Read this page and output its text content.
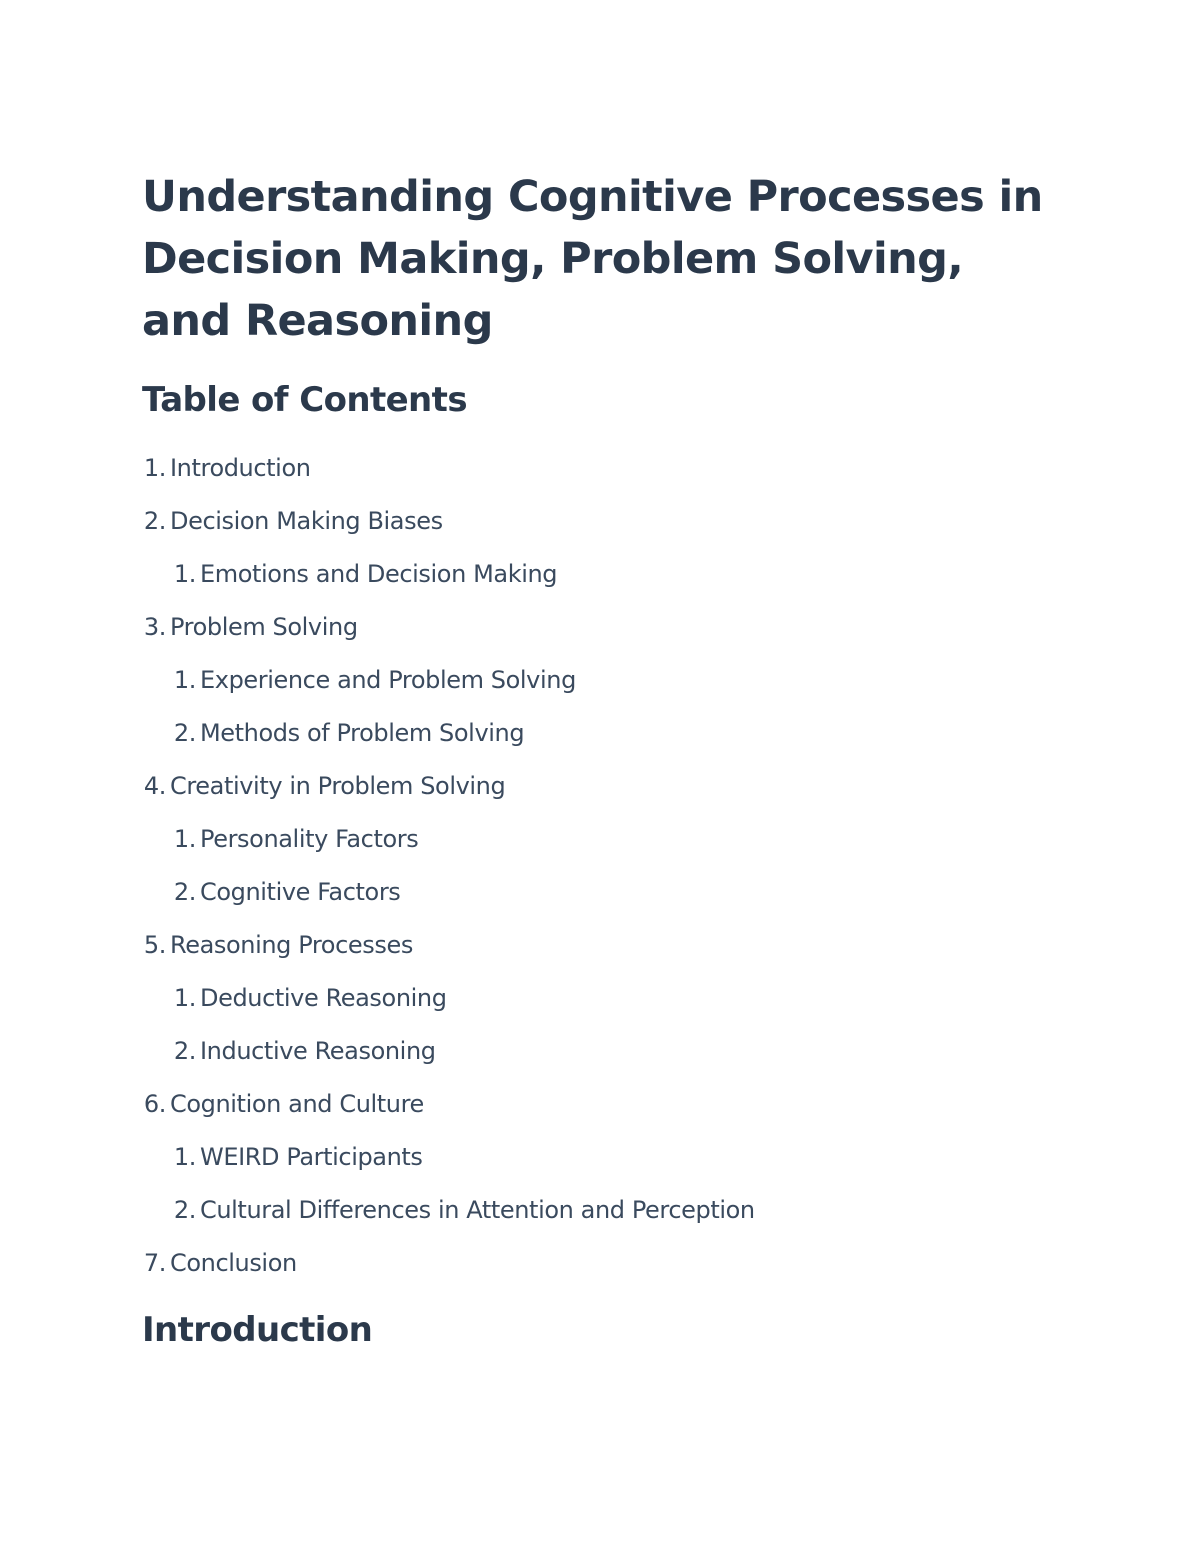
Understanding Cognitive Processes in Decision Making, Problem Solving, and Reasoning
Table of Contents
1. Introduction
2. Decision Making Biases
1. Emotions and Decision Making
3. Problem Solving
1. Experience and Problem Solving
2. Methods of Problem Solving
4. Creativity in Problem Solving
1. Personality Factors
2. Cognitive Factors
5. Reasoning Processes
1. Deductive Reasoning
2. Inductive Reasoning
6. Cognition and Culture
1. WEIRD Participants
2. Cultural Differences in Attention and Perception
7. Conclusion
Introduction
